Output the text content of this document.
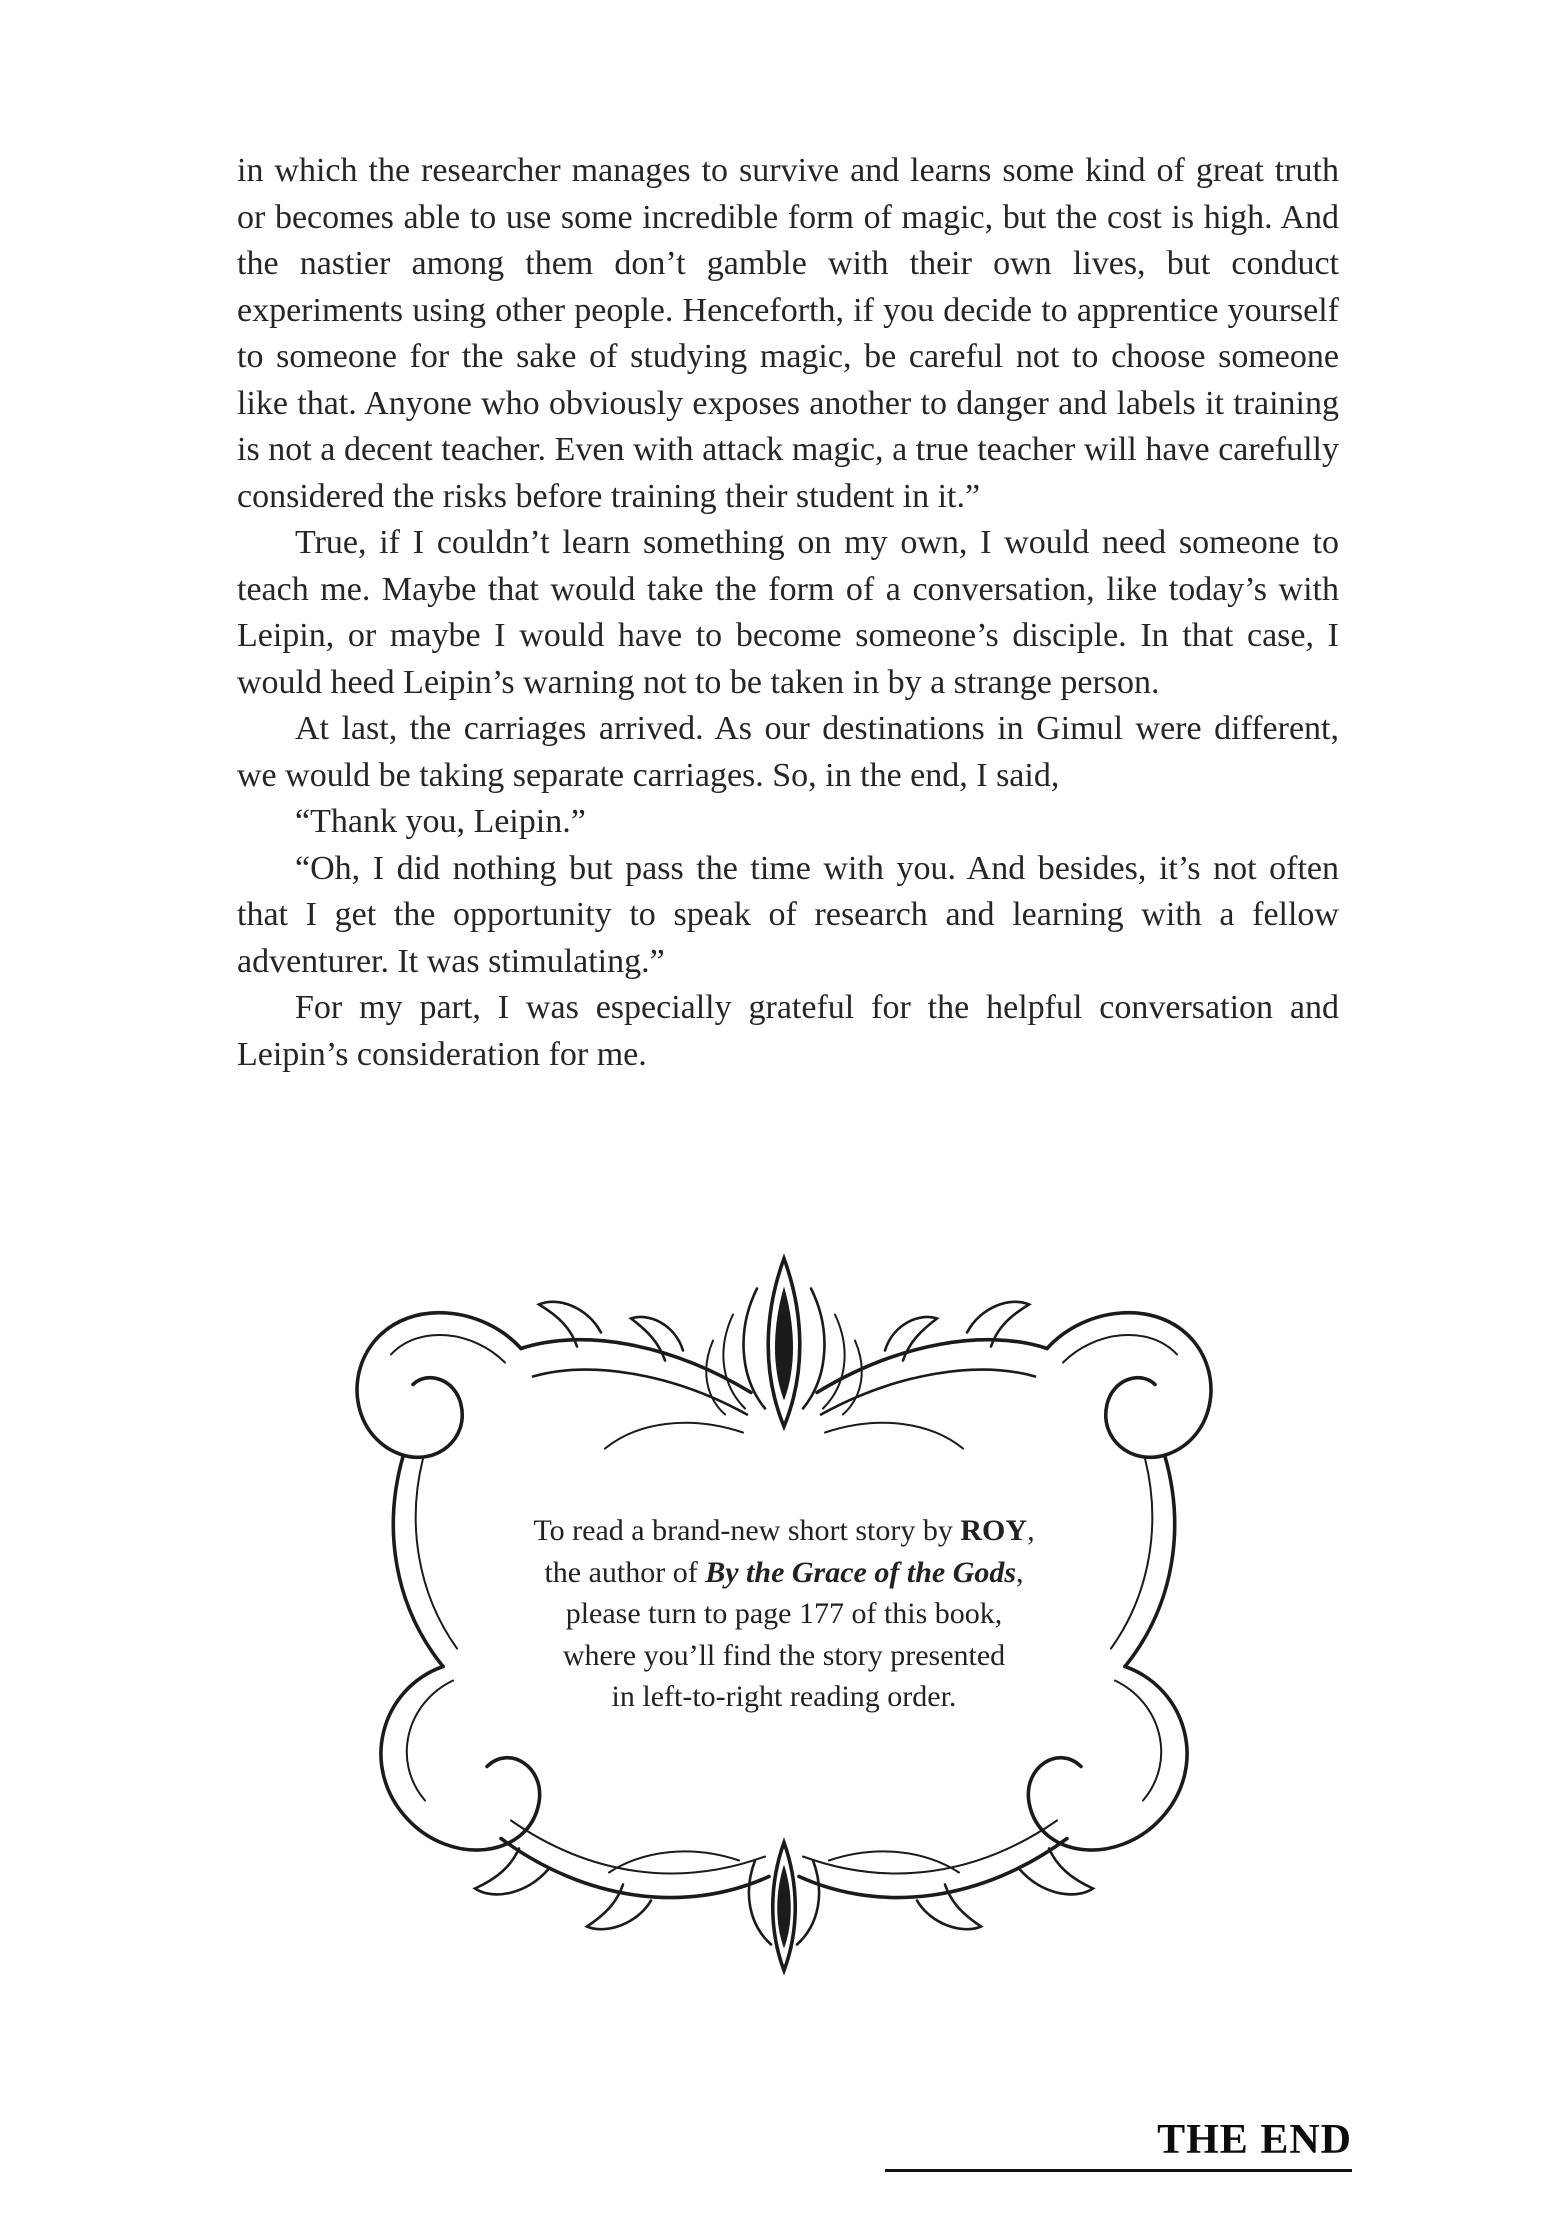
in which the researcher manages to survive and learns some kind of great truth or becomes able to use some incredible form of magic, but the cost is high. And the nastier among them don’t gamble with their own lives, but conduct experiments using other people. Henceforth, if you decide to apprentice yourself to someone for the sake of studying magic, be careful not to choose someone like that. Anyone who obviously exposes another to danger and labels it training is not a decent teacher. Even with attack magic, a true teacher will have carefully considered the risks before training their student in it.”

True, if I couldn’t learn something on my own, I would need someone to teach me. Maybe that would take the form of a conversation, like today’s with Leipin, or maybe I would have to become someone’s disciple. In that case, I would heed Leipin’s warning not to be taken in by a strange person.

At last, the carriages arrived. As our destinations in Gimul were different, we would be taking separate carriages. So, in the end, I said,

“Thank you, Leipin.”

“Oh, I did nothing but pass the time with you. And besides, it’s not often that I get the opportunity to speak of research and learning with a fellow adventurer. It was stimulating.”

For my part, I was especially grateful for the helpful conversation and Leipin’s consideration for me.

To read a brand-new short story by ROY,
the author of By the Grace of the Gods,
please turn to page 177 of this book,
where you’ll find the story presented
in left-to-right reading order.
THE END
